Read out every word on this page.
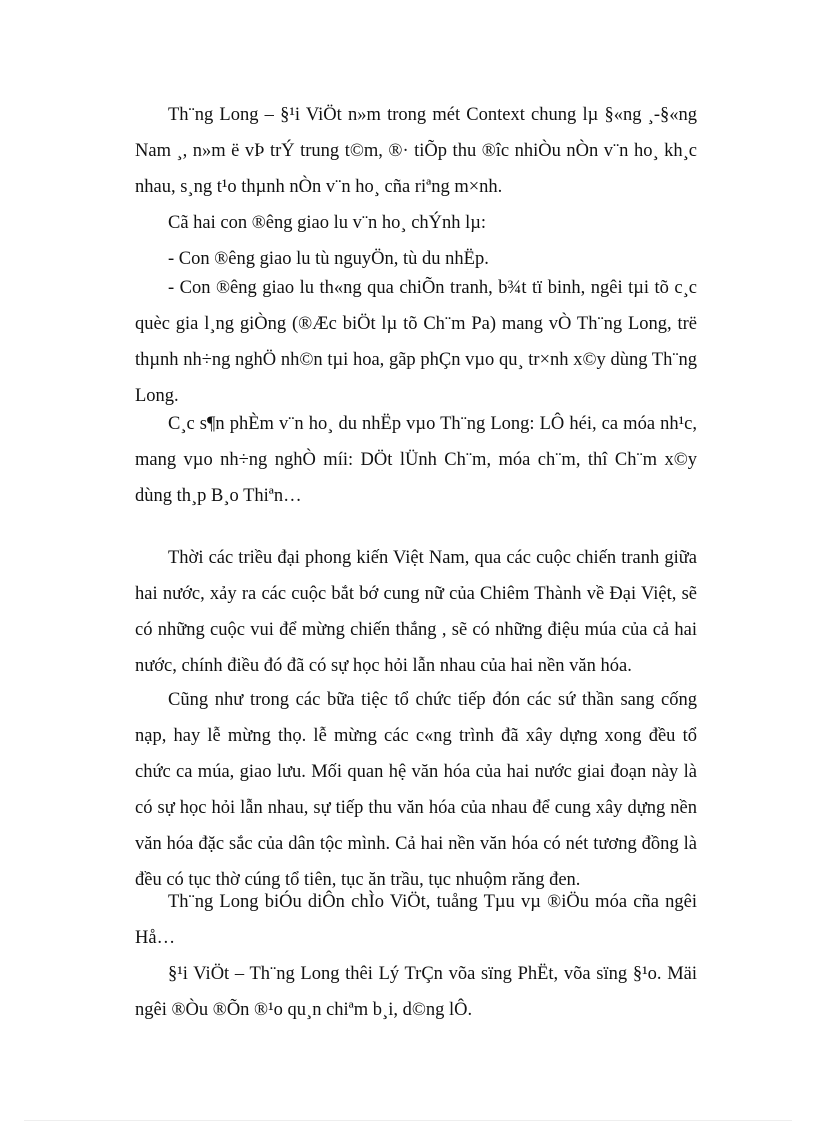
Th¨ng Long – §¹i ViÖt n»m trong mét Context chung lµ §«ng ¸-§«ng Nam ¸, n»m ë vÞ trÝ trung t©m, ®· tiÕp thu ®îc nhiÒu nÒn v¨n ho¸ kh¸c nhau, s¸ng t¹o thµnh nÒn v¨n ho¸ cña riªng m×nh.

Cã hai con ®êng giao lu v¨n ho¸ chÝnh lµ:

- Con ®êng giao lu tù nguyÖn, tù du nhËp.

- Con ®êng giao lu th«ng qua chiÕn tranh, b¾t tï binh, ngêi tµi tõ c¸c quèc gia l¸ng giÒng (®Æc biÖt lµ tõ Ch¨m Pa) mang vÒ Th¨ng Long, trë thµnh nh÷ng nghÖ nh©n tµi hoa, gãp phÇn vµo qu¸ tr×nh x©y dùng Th¨ng Long.

C¸c s¶n phÈm v¨n ho¸ du nhËp vµo Th¨ng Long: LÔ héi, ca móa nh¹c, mang vµo nh÷ng nghÒ míi: DÖt lÜnh Ch¨m, móa ch¨m, thî Ch¨m x©y dùng th¸p B¸o Thiªn…

Thời các triều đại phong kiến Việt Nam, qua các cuộc chiến tranh giữa hai nước, xảy ra các cuộc bắt bớ cung nữ của Chiêm Thành về Đại Việt, sẽ có những cuộc vui để mừng chiến thắng , sẽ có những điệu múa của cả hai nước, chính điều đó đã có sự học hỏi lẫn nhau của hai nền văn hóa.

Cũng như trong các bữa tiệc tổ chức tiếp đón các sứ thần sang cống nạp, hay lễ mừng thọ. lễ mừng các c«ng trình đã xây dựng xong đều tổ chức ca múa, giao lưu. Mối quan hệ văn hóa của hai nước giai đoạn này là có sự học hỏi lẫn nhau, sự tiếp thu văn hóa của nhau để cung xây dựng nền văn hóa đặc sắc của dân tộc mình. Cả hai nền văn hóa có nét tương đồng là đều có tục thờ cúng tổ tiên, tục ăn trầu, tục nhuộm răng đen.

Th¨ng Long biÓu diÔn chÌo ViÖt, tuång Tµu vµ ®iÖu móa cña ngêi Hå…

§¹i ViÖt – Th¨ng Long thêi Lý TrÇn võa sïng PhËt, võa sïng §¹o. Mäi ngêi ®Òu ®Õn ®¹o qu¸n chiªm b¸i, d©ng lÔ.
